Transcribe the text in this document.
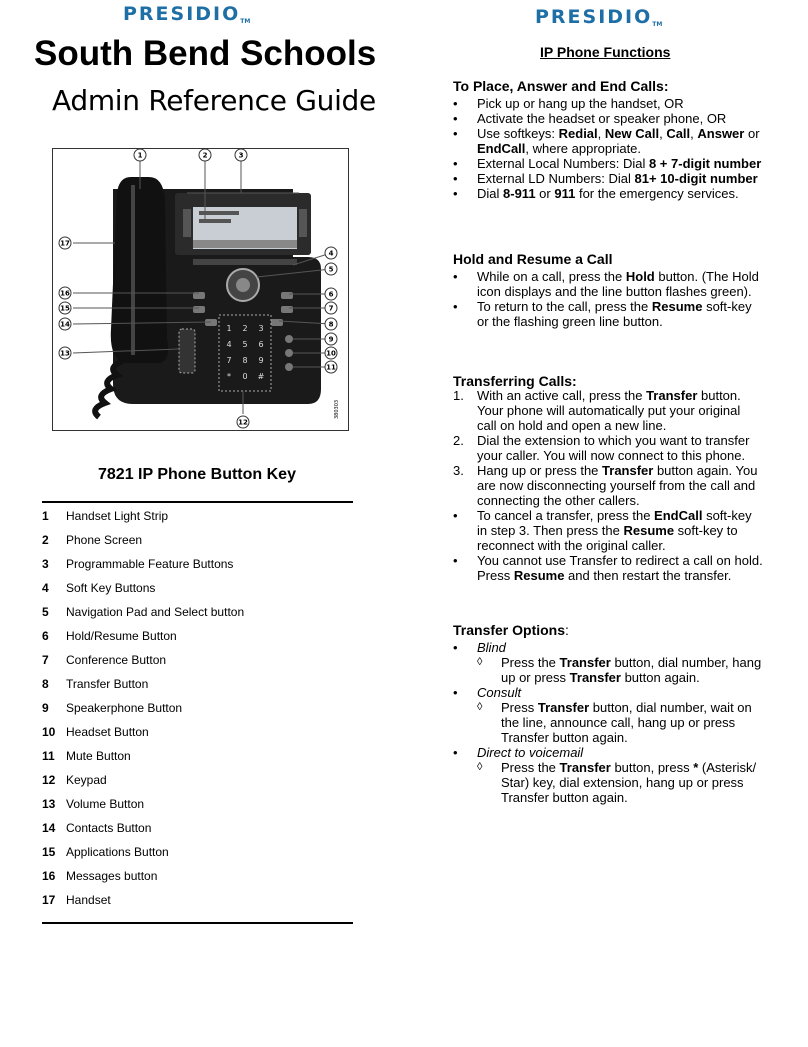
PRESIDIOTM	PRESIDIOTM
South Bend Schools
Admin Reference Guide
1 2 3
4 5 6
7 8 9
* 0 #
1	2	3
4
5
6
7
8
9
10
11
12
13
14
15
16
17
380303
7821 IP Phone Button Key
1	Handset Light Strip
2	Phone Screen
3	Programmable Feature Buttons
4	Soft Key Buttons
5	Navigation Pad and Select button
6	Hold/Resume Button
7	Conference Button
8	Transfer Button
9	Speakerphone Button
10 Headset Button
11 Mute Button
12 Keypad
13 Volume Button
14 Contacts Button
15 Applications Button
16 Messages button
17 Handset
IP Phone Functions
To Place, Answer and End Calls:
• Pick up or hang up the handset, OR
• Activate the headset or speaker phone, OR
• Use softkeys: Redial, New Call, Call, Answer or EndCall, where appropriate.
• External Local Numbers: Dial 8 + 7-digit number
• External LD Numbers: Dial 81+ 10-digit number
• Dial 8-911 or 911 for the emergency services.
Hold and Resume a Call
• While on a call, press the Hold button. (The Hold icon displays and the line button flashes green).
• To return to the call, press the Resume soft-key or the flashing green line button.
Transferring Calls:
1. With an active call, press the Transfer button. Your phone will automatically put your original call on hold and open a new line.
2. Dial the extension to which you want to transfer your caller. You will now connect to this phone.
3. Hang up or press the Transfer button again. You are now disconnecting yourself from the call and connecting the other callers.
• To cancel a transfer, press the EndCall soft-key in step 3. Then press the Resume soft-key to reconnect with the original caller.
• You cannot use Transfer to redirect a call on hold. Press Resume and then restart the transfer.
Transfer Options:
• Blind
◊ Press the Transfer button, dial number, hang up or press Transfer button again.
• Consult
◊ Press Transfer button, dial number, wait on the line, announce call, hang up or press Transfer button again.
• Direct to voicemail
◊ Press the Transfer button, press * (Asterisk/ Star) key, dial extension, hang up or press Transfer button again.
